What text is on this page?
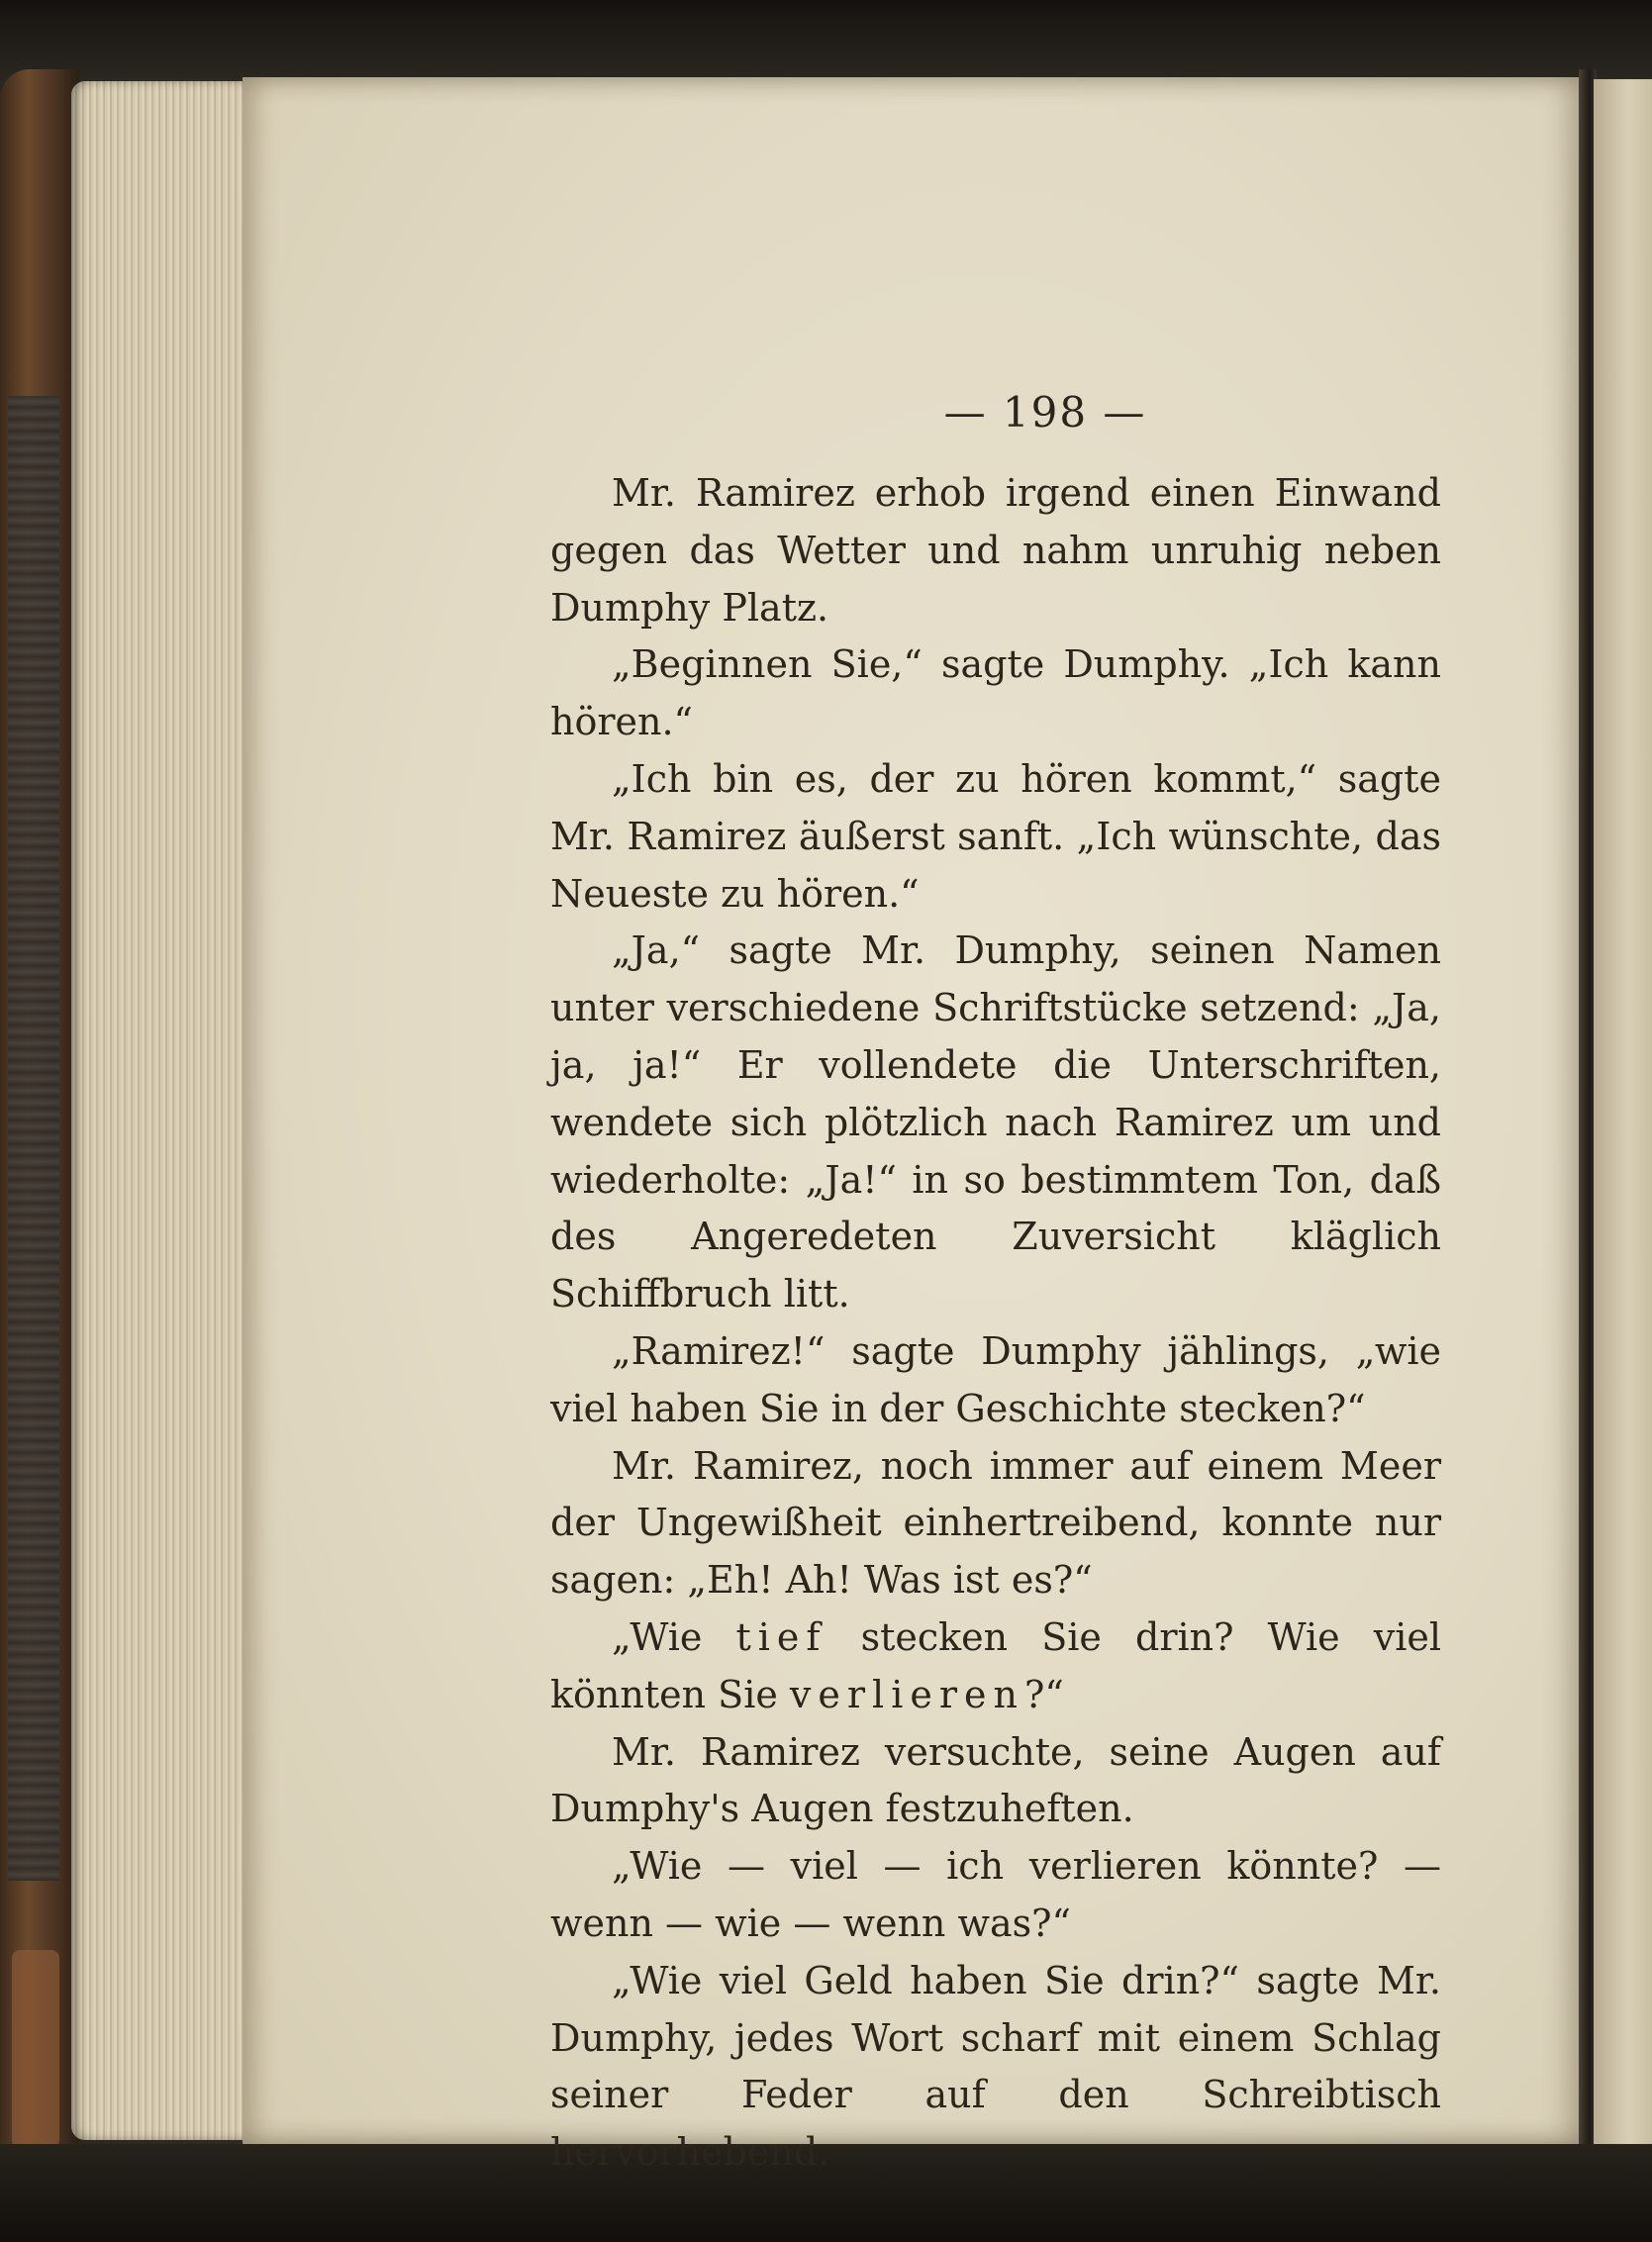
— 198 —

Mr. Ramirez erhob irgend einen Einwand gegen das Wetter und nahm unruhig neben Dumphy Platz.

„Beginnen Sie,“ sagte Dumphy. „Ich kann hören.“

„Ich bin es, der zu hören kommt,“ sagte Mr. Ramirez äußerst sanft. „Ich wünschte, das Neueste zu hören.“

„Ja,“ sagte Mr. Dumphy, seinen Namen unter verschiedene Schriftstücke setzend: „Ja, ja, ja!“ Er vollendete die Unterschriften, wendete sich plötzlich nach Ramirez um und wiederholte: „Ja!“ in so bestimmtem Ton, daß des Angeredeten Zuversicht kläglich Schiffbruch litt.

„Ramirez!“ sagte Dumphy jählings, „wie viel haben Sie in der Geschichte stecken?“

Mr. Ramirez, noch immer auf einem Meer der Ungewißheit einhertreibend, konnte nur sagen: „Eh! Ah! Was ist es?“

„Wie tief stecken Sie drin? Wie viel könnten Sie verlieren?“

Mr. Ramirez versuchte, seine Augen auf Dumphy's Augen festzuheften.

„Wie — viel — ich verlieren könnte? — wenn — wie — wenn was?“

„Wie viel Geld haben Sie drin?“ sagte Mr. Dumphy, jedes Wort scharf mit einem Schlag seiner Feder auf den Schreibtisch hervorhebend.
